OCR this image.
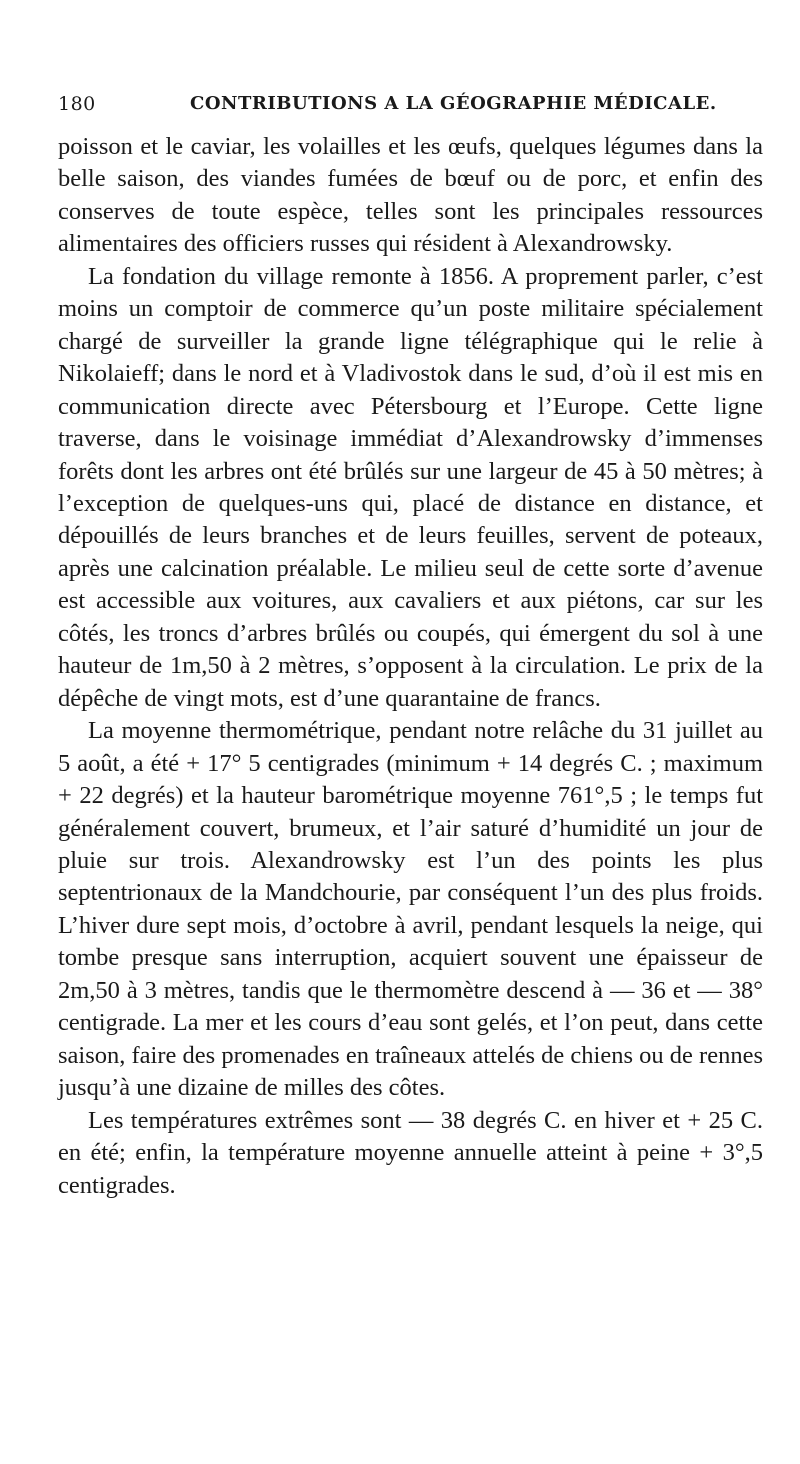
180	CONTRIBUTIONS A LA GÉOGRAPHIE MÉDICALE.

poisson et le caviar, les volailles et les œufs, quelques légumes dans la belle saison, des viandes fumées de bœuf ou de porc, et enfin des conserves de toute espèce, telles sont les principales ressources alimentaires des officiers russes qui résident à Alexandrowsky.

La fondation du village remonte à 1856. A proprement parler, c’est moins un comptoir de commerce qu’un poste militaire spécialement chargé de surveiller la grande ligne télégraphique qui le relie à Nikolaieff; dans le nord et à Vladivostok dans le sud, d’où il est mis en communication directe avec Pétersbourg et l’Europe. Cette ligne traverse, dans le voisinage immédiat d’Alexandrowsky d’immenses forêts dont les arbres ont été brûlés sur une largeur de 45 à 50 mètres; à l’exception de quelques-uns qui, placé de distance en distance, et dépouillés de leurs branches et de leurs feuilles, servent de poteaux, après une calcination préalable. Le milieu seul de cette sorte d’avenue est accessible aux voitures, aux cavaliers et aux piétons, car sur les côtés, les troncs d’arbres brûlés ou coupés, qui émergent du sol à une hauteur de 1m,50 à 2 mètres, s’opposent à la circulation. Le prix de la dépêche de vingt mots, est d’une quarantaine de francs.

La moyenne thermométrique, pendant notre relâche du 31 juillet au 5 août, a été + 17° 5 centigrades (minimum + 14 degrés C. ; maximum + 22 degrés) et la hauteur barométrique moyenne 761°,5 ; le temps fut généralement couvert, brumeux, et l’air saturé d’humidité un jour de pluie sur trois. Alexandrowsky est l’un des points les plus septentrionaux de la Mandchourie, par conséquent l’un des plus froids. L’hiver dure sept mois, d’octobre à avril, pendant lesquels la neige, qui tombe presque sans interruption, acquiert souvent une épaisseur de 2m,50 à 3 mètres, tandis que le thermomètre descend à — 36 et — 38° centigrade. La mer et les cours d’eau sont gelés, et l’on peut, dans cette saison, faire des promenades en traîneaux attelés de chiens ou de rennes jusqu’à une dizaine de milles des côtes.

Les températures extrêmes sont — 38 degrés C. en hiver et + 25 C. en été; enfin, la température moyenne annuelle atteint à peine + 3°,5 centigrades.
